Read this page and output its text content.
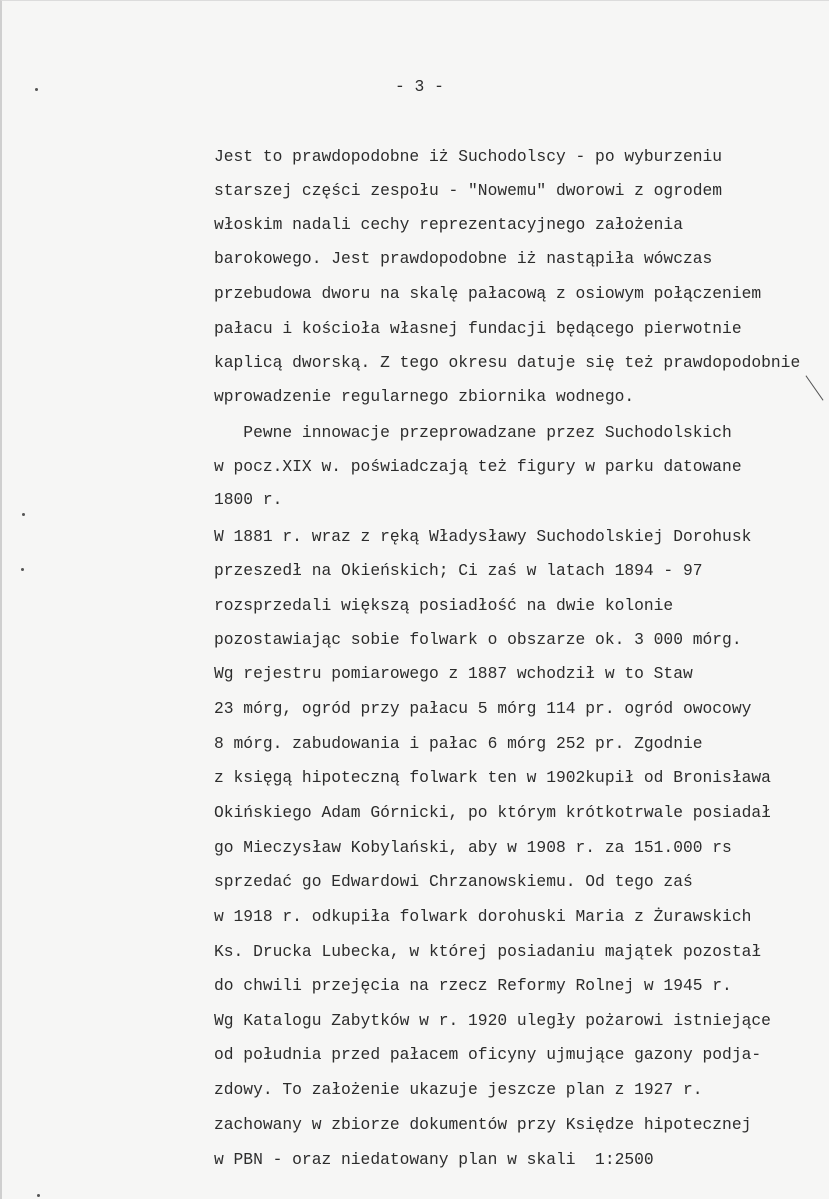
- 3 -
Jest to prawdopodobne iż Suchodolscy - po wyburzeniu
starszej części zespołu - "Nowemu" dworowi z ogrodem
włoskim nadali cechy reprezentacyjnego założenia
barokowego. Jest prawdopodobne iż nastąpiła wówczas
przebudowa dworu na skalę pałacową z osiowym połączeniem
pałacu i kościoła własnej fundacji będącego pierwotnie
kaplicą dworską. Z tego okresu datuje się też prawdopodobnie
wprowadzenie regularnego zbiornika wodnego.
Pewne innowacje przeprowadzane przez Suchodolskich
w pocz.XIX w. poświadczają też figury w parku datowane
1800 r.
W 1881 r. wraz z ręką Władysławy Suchodolskiej Dorohusk
przeszedł na Okieńskich; Ci zaś w latach 1894 - 97
rozsprzedali większą posiadłość na dwie kolonie
pozostawiając sobie folwark o obszarze ok. 3 000 mórg.
Wg rejestru pomiarowego z 1887 wchodził w to Staw
23 mórg, ogród przy pałacu 5 mórg 114 pr. ogród owocowy
8 mórg. zabudowania i pałac 6 mórg 252 pr. Zgodnie
z księgą hipoteczną folwark ten w 1902kupił od Bronisława
Okińskiego Adam Górnicki, po którym krótkotrwale posiadał
go Mieczysław Kobylański, aby w 1908 r. za 151.000 rs
sprzedać go Edwardowi Chrzanowskiemu. Od tego zaś
w 1918 r. odkupiła folwark dorohuski Maria z Żurawskich
Ks. Drucka Lubecka, w której posiadaniu majątek pozostał
do chwili przejęcia na rzecz Reformy Rolnej w 1945 r.
Wg Katalogu Zabytków w r. 1920 uległy pożarowi istniejące
od południa przed pałacem oficyny ujmujące gazony podja-
zdowy. To założenie ukazuje jeszcze plan z 1927 r.
zachowany w zbiorze dokumentów przy Księdze hipotecznej
w PBN - oraz niedatowany plan w skali  1:2500
